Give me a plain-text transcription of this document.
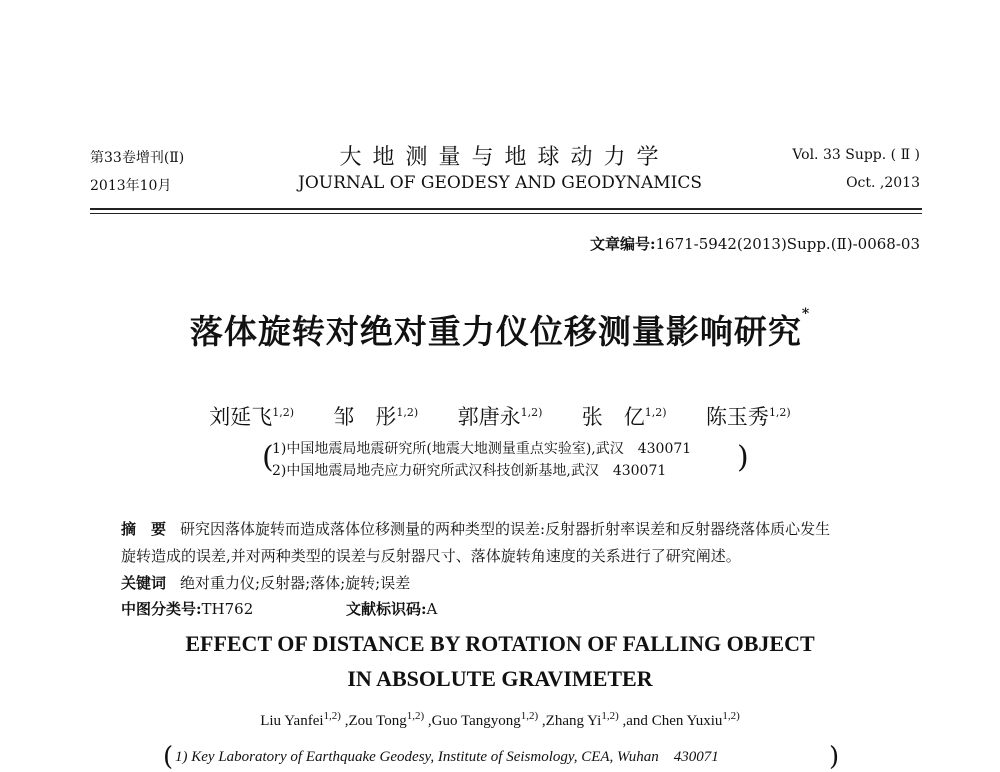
第33卷增刊(Ⅱ)
2013年10月
大 地 测 量 与 地 球 动 力 学
JOURNAL OF GEODESY AND GEODYNAMICS
Vol. 33 Supp. ( Ⅱ )
Oct. ,2013
文章编号:1671-5942(2013)Supp.(Ⅱ)-0068-03
落体旋转对绝对重力仪位移测量影响研究*
刘延飞$^{1,2)}$ 邹　彤$^{1,2)}$ 郭唐永$^{1,2)}$ 张　亿$^{1,2)}$ 陈玉秀$^{1,2)}$
(
1)中国地震局地震研究所(地震大地测量重点实验室),武汉　430071
2)中国地震局地壳应力研究所武汉科技创新基地,武汉　430071	)
摘　要 研究因落体旋转而造成落体位移测量的两种类型的误差:反射器折射率误差和反射器绕落体质心发生
旋转造成的误差,并对两种类型的误差与反射器尺寸、落体旋转角速度的关系进行了研究阐述。
关键词 绝对重力仪;反射器;落体;旋转;误差
中图分类号:TH762	文献标识码:A
EFFECT OF DISTANCE BY ROTATION OF FALLING OBJECT
IN ABSOLUTE GRAVIMETER
Liu Yanfei$^{1,2)}$ ,Zou Tong$^{1,2)}$ ,Guo Tangyong$^{1,2)}$ ,Zhang Yi$^{1,2)}$ ,and Chen Yuxiu$^{1,2)}$
( 1) Key Laboratory of Earthquake Geodesy, Institute of Seismology, CEA, Wuhan　430071	)
